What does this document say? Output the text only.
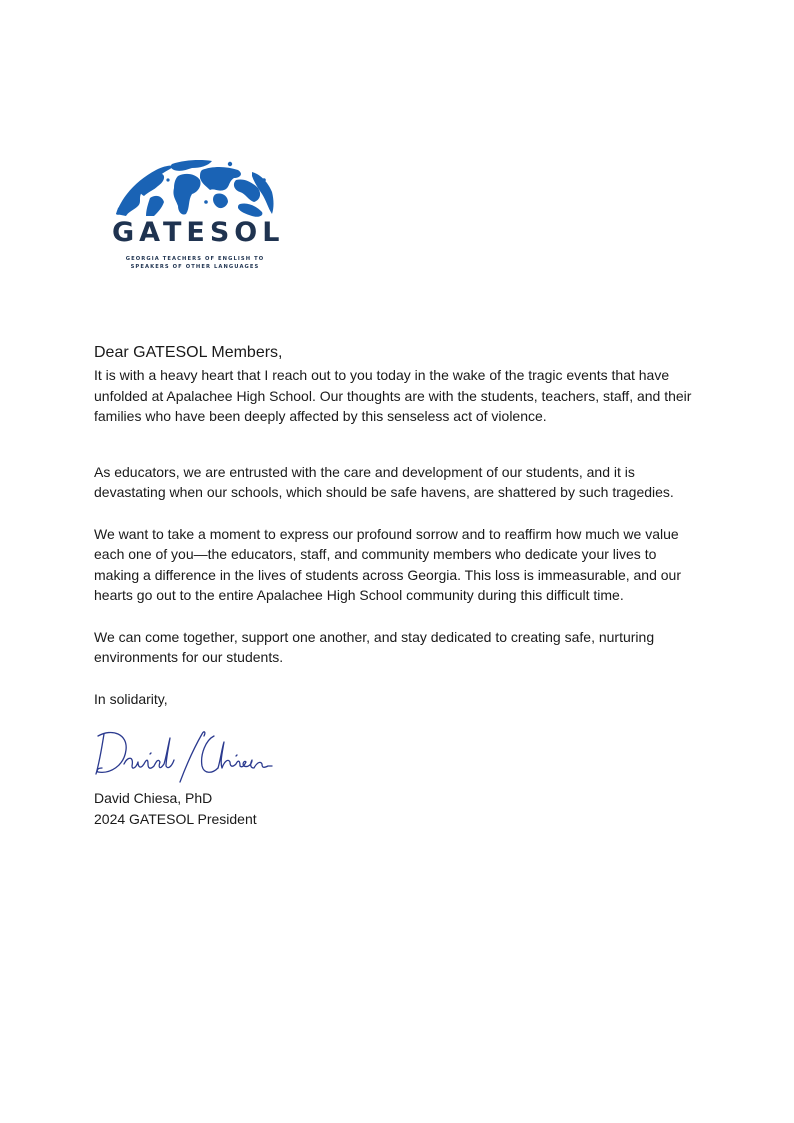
GATESOL
GEORGIA TEACHERS OF ENGLISH TO
SPEAKERS OF OTHER LANGUAGES

Dear GATESOL Members,

It is with a heavy heart that I reach out to you today in the wake of the tragic events that have unfolded at Apalachee High School. Our thoughts are with the students, teachers, staff, and their families who have been deeply affected by this senseless act of violence.

As educators, we are entrusted with the care and development of our students, and it is devastating when our schools, which should be safe havens, are shattered by such tragedies.

We want to take a moment to express our profound sorrow and to reaffirm how much we value each one of you—the educators, staff, and community members who dedicate your lives to making a difference in the lives of students across Georgia. This loss is immeasurable, and our hearts go out to the entire Apalachee High School community during this difficult time.

We can come together, support one another, and stay dedicated to creating safe, nurturing environments for our students.

In solidarity,

David Chiesa, PhD
2024 GATESOL President
